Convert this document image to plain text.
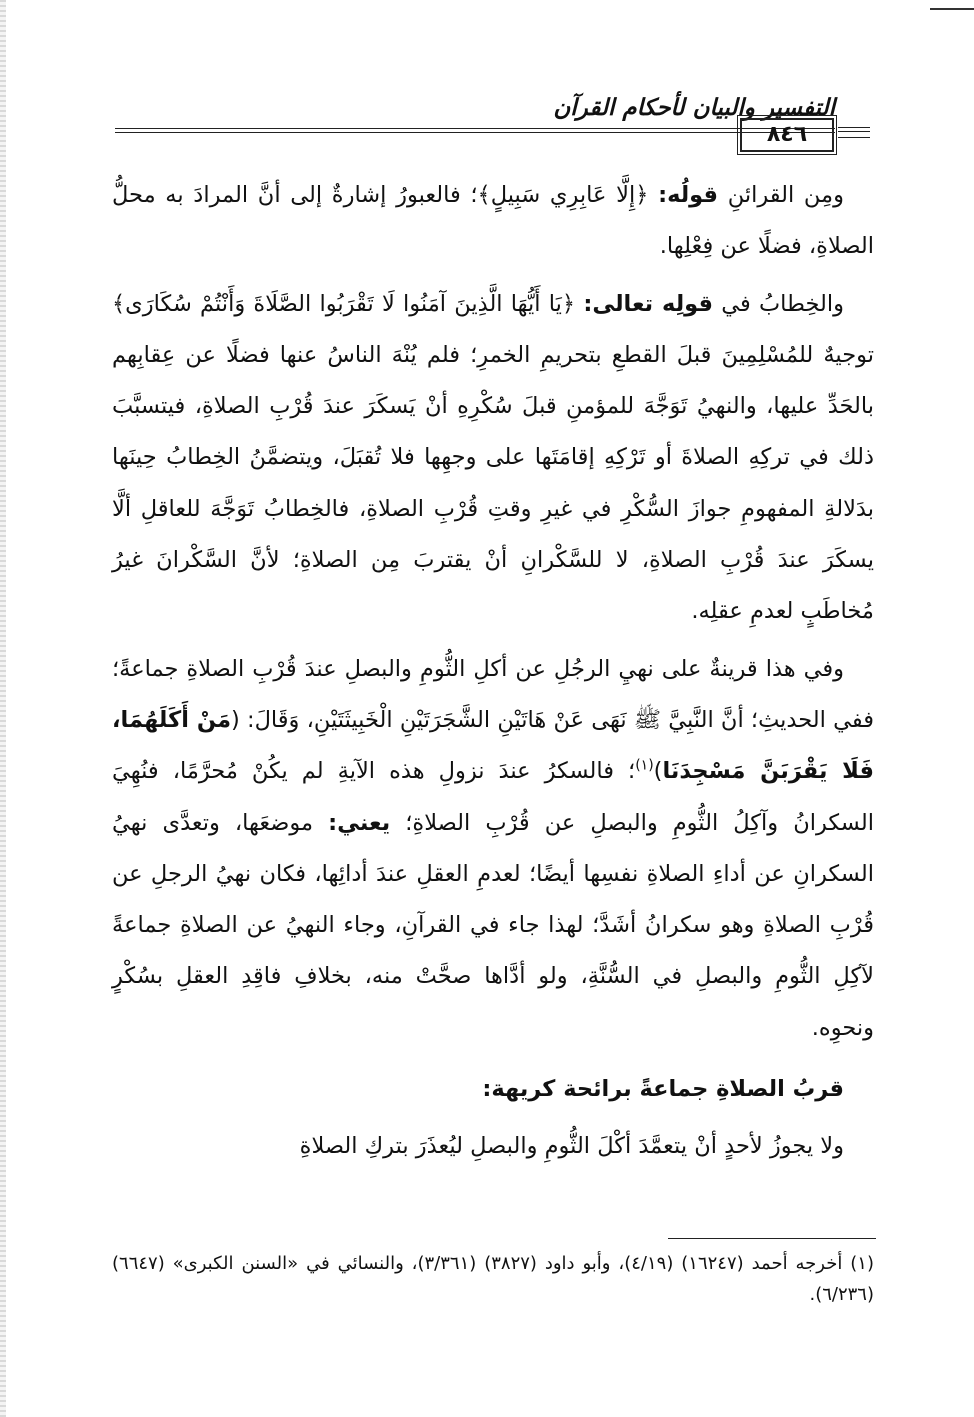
التفسير والبيان لأحكام القرآن
٨٤٦

ومِن القرائنِ قولُه: ﴿إِلَّا عَابِرِي سَبِيلٍ﴾؛ فالعبورُ إشارةٌ إلى أنَّ المرادَ به محلُّ الصلاةِ، فضلًا عن فِعْلِها.

والخِطابُ في قولِه تعالى: ﴿يَا أَيُّهَا الَّذِينَ آمَنُوا لَا تَقْرَبُوا الصَّلَاةَ وَأَنْتُمْ سُكَارَى﴾ توجيهٌ للمُسْلِمِينَ قبلَ القطعِ بتحريمِ الخمرِ؛ فلم يُنْهَ الناسُ عنها فضلًا عن عِقابِهم بالحَدِّ عليها، والنهيُ تَوَجَّهَ للمؤمنِ قبلَ سُكْرِهِ أنْ يَسكَرَ عندَ قُرْبِ الصلاةِ، فيتسبَّبَ ذلك في تركِهِ الصلاةَ أو تَرْكِهِ إقامَتَها على وجهِها فلا تُقبَلَ، ويتضمَّنُ الخِطابُ حِينَها بدَلالةِ المفهومِ جوازَ السُّكْرِ في غيرِ وقتِ قُرْبِ الصلاةِ، فالخِطابُ تَوَجَّهَ للعاقلِ ألَّا يسكَرَ عندَ قُرْبِ الصلاةِ، لا للسَّكْرانِ أنْ يقتربَ مِن الصلاةِ؛ لأنَّ السَّكْرانَ غيرُ مُخاطَبٍ لعدمِ عقلِه.

وفي هذا قرينةٌ على نهيِ الرجُلِ عن أكلِ الثُّومِ والبصلِ عندَ قُرْبِ الصلاةِ جماعةً؛ ففي الحديثِ؛ أنَّ النَّبِيَّ ﷺ نَهَى عَنْ هَاتَيْنِ الشَّجَرَتَيْنِ الْخَبِيثَتَيْنِ، وَقَالَ: (مَنْ أَكَلَهُمَا، فَلَا يَقْرَبَنَّ مَسْجِدَنَا)$^{(١)}$؛ فالسكرُ عندَ نزولِ هذه الآيةِ لم يكُنْ مُحرَّمًا، فنُهِيَ السكرانُ وآكِلُ الثُّومِ والبصلِ عن قُرْبِ الصلاةِ؛ يعني: موضعَها، وتعدَّى نهيُ السكرانِ عن أداءِ الصلاةِ نفسِها أيضًا؛ لعدمِ العقلِ عندَ أدائِها، فكان نهيُ الرجلِ عن قُرْبِ الصلاةِ وهو سكرانُ أشَدَّ؛ لهذا جاء في القرآنِ، وجاء النهيُ عن الصلاةِ جماعةً لآكِلِ الثُّومِ والبصلِ في السُّنَّةِ، ولو أدَّاها صحَّتْ منه، بخلافِ فاقِدِ العقلِ بسُكْرٍ ونحوِه.

قربُ الصلاةِ جماعةً برائحة كريهة:

ولا يجوزُ لأحدٍ أنْ يتعمَّدَ أكْلَ الثُّومِ والبصلِ ليُعذَرَ بتركِ الصلاةِ

(١) أخرجه أحمد (١٦٢٤٧) (٤/١٩)، وأبو داود (٣٨٢٧) (٣/٣٦١)، والنسائي في «السنن الكبرى» (٦٦٤٧) (٦/٢٣٦).
